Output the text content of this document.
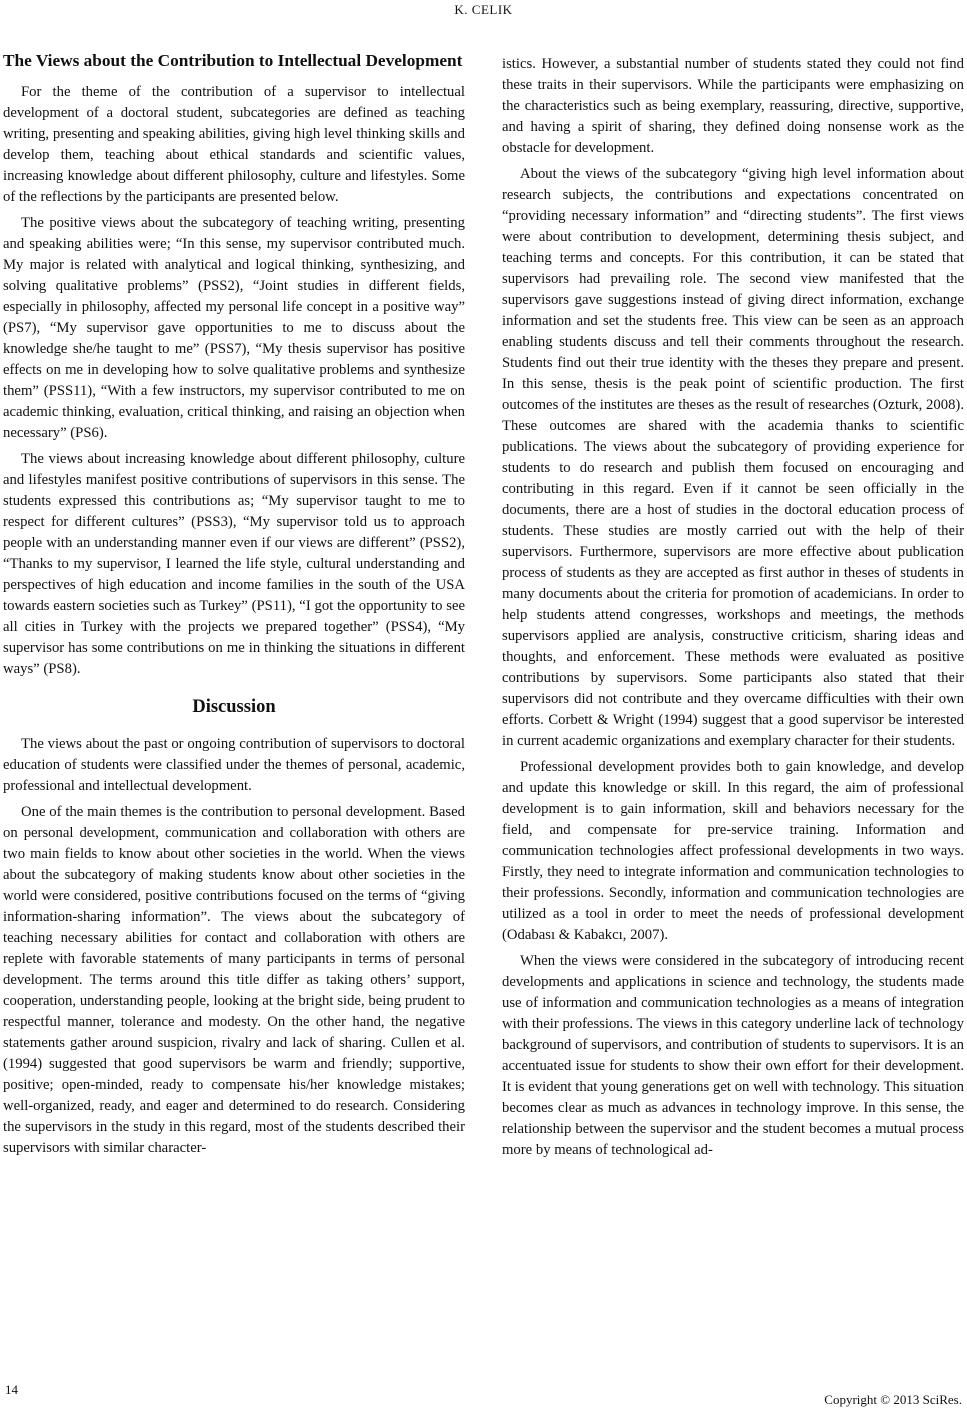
K. CELIK
The Views about the Contribution to Intellectual Development

For the theme of the contribution of a supervisor to intellectual development of a doctoral student, subcategories are defined as teaching writing, presenting and speaking abilities, giving high level thinking skills and develop them, teaching about ethical standards and scientific values, increasing knowledge about different philosophy, culture and lifestyles. Some of the reflections by the participants are presented below.

The positive views about the subcategory of teaching writing, presenting and speaking abilities were; “In this sense, my supervisor contributed much. My major is related with analytical and logical thinking, synthesizing, and solving qualitative problems” (PSS2), “Joint studies in different fields, especially in philosophy, affected my personal life concept in a positive way” (PS7), “My supervisor gave opportunities to me to discuss about the knowledge she/he taught to me” (PSS7), “My thesis supervisor has positive effects on me in developing how to solve qualitative problems and synthesize them” (PSS11), “With a few instructors, my supervisor contributed to me on academic thinking, evaluation, critical thinking, and raising an objection when necessary” (PS6).

The views about increasing knowledge about different philosophy, culture and lifestyles manifest positive contributions of supervisors in this sense. The students expressed this contributions as; “My supervisor taught to me to respect for different cultures” (PSS3), “My supervisor told us to approach people with an understanding manner even if our views are different” (PSS2), “Thanks to my supervisor, I learned the life style, cultural understanding and perspectives of high education and income families in the south of the USA towards eastern societies such as Turkey” (PS11), “I got the opportunity to see all cities in Turkey with the projects we prepared together” (PSS4), “My supervisor has some contributions on me in thinking the situations in different ways” (PS8).

Discussion

The views about the past or ongoing contribution of supervisors to doctoral education of students were classified under the themes of personal, academic, professional and intellectual development.

One of the main themes is the contribution to personal development. Based on personal development, communication and collaboration with others are two main fields to know about other societies in the world. When the views about the subcategory of making students know about other societies in the world were considered, positive contributions focused on the terms of “giving information-sharing information”. The views about the subcategory of teaching necessary abilities for contact and collaboration with others are replete with favorable statements of many participants in terms of personal development. The terms around this title differ as taking others’ support, cooperation, understanding people, looking at the bright side, being prudent to respectful manner, tolerance and modesty. On the other hand, the negative statements gather around suspicion, rivalry and lack of sharing. Cullen et al. (1994) suggested that good supervisors be warm and friendly; supportive, positive; open-minded, ready to compensate his/her knowledge mistakes; well-organized, ready, and eager and determined to do research. Considering the supervisors in the study in this regard, most of the students described their supervisors with similar character-

istics. However, a substantial number of students stated they could not find these traits in their supervisors. While the participants were emphasizing on the characteristics such as being exemplary, reassuring, directive, supportive, and having a spirit of sharing, they defined doing nonsense work as the obstacle for development.

About the views of the subcategory “giving high level information about research subjects, the contributions and expectations concentrated on “providing necessary information” and “directing students”. The first views were about contribution to development, determining thesis subject, and teaching terms and concepts. For this contribution, it can be stated that supervisors had prevailing role. The second view manifested that the supervisors gave suggestions instead of giving direct information, exchange information and set the students free. This view can be seen as an approach enabling students discuss and tell their comments throughout the research. Students find out their true identity with the theses they prepare and present. In this sense, thesis is the peak point of scientific production. The first outcomes of the institutes are theses as the result of researches (Ozturk, 2008). These outcomes are shared with the academia thanks to scientific publications. The views about the subcategory of providing experience for students to do research and publish them focused on encouraging and contributing in this regard. Even if it cannot be seen officially in the documents, there are a host of studies in the doctoral education process of students. These studies are mostly carried out with the help of their supervisors. Furthermore, supervisors are more effective about publication process of students as they are accepted as first author in theses of students in many documents about the criteria for promotion of academicians. In order to help students attend congresses, workshops and meetings, the methods supervisors applied are analysis, constructive criticism, sharing ideas and thoughts, and enforcement. These methods were evaluated as positive contributions by supervisors. Some participants also stated that their supervisors did not contribute and they overcame difficulties with their own efforts. Corbett & Wright (1994) suggest that a good supervisor be interested in current academic organizations and exemplary character for their students.

Professional development provides both to gain knowledge, and develop and update this knowledge or skill. In this regard, the aim of professional development is to gain information, skill and behaviors necessary for the field, and compensate for pre-service training. Information and communication technologies affect professional developments in two ways. Firstly, they need to integrate information and communication technologies to their professions. Secondly, information and communication technologies are utilized as a tool in order to meet the needs of professional development (Odabası & Kabakcı, 2007).

When the views were considered in the subcategory of introducing recent developments and applications in science and technology, the students made use of information and communication technologies as a means of integration with their professions. The views in this category underline lack of technology background of supervisors, and contribution of students to supervisors. It is an accentuated issue for students to show their own effort for their development. It is evident that young generations get on well with technology. This situation becomes clear as much as advances in technology improve. In this sense, the relationship between the supervisor and the student becomes a mutual process more by means of technological ad-

14
Copyright © 2013 SciRes.
